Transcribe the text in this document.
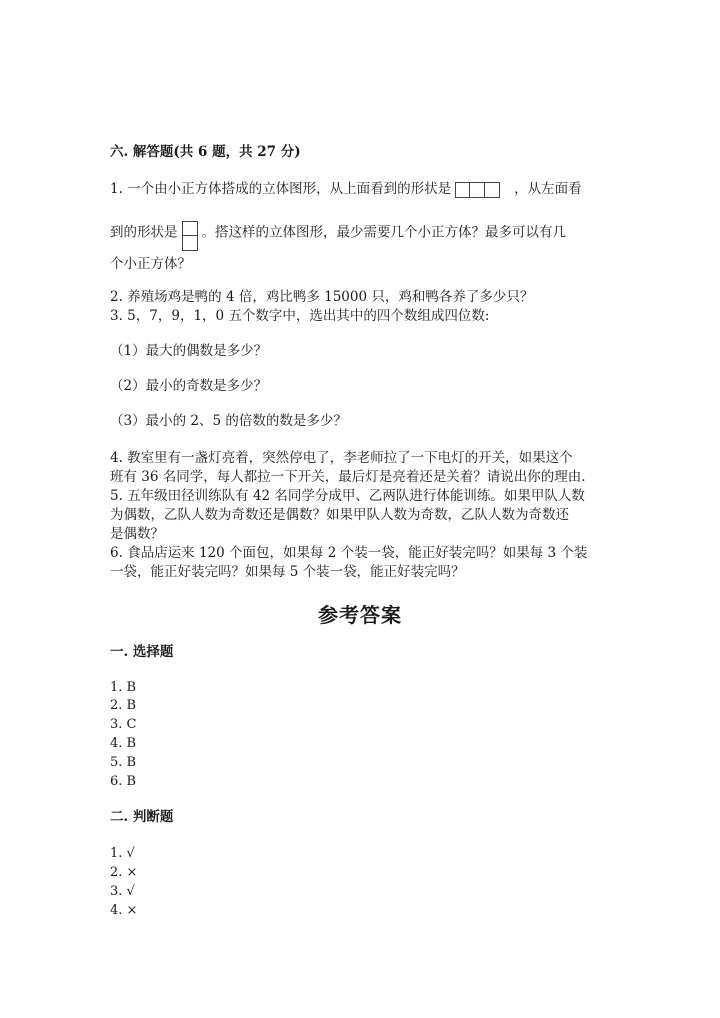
六. 解答题(共 6 题，共 27 分)
1. 一个由小正方体搭成的立体图形，从上面看到的形状是	，从左面看
到的形状是 。搭这样的立体图形，最少需要几个小正方体？最多可以有几
个小正方体？
2. 养殖场鸡是鸭的 4 倍，鸡比鸭多 15000 只，鸡和鸭各养了多少只？
3. 5，7，9，1，0 五个数字中，选出其中的四个数组成四位数:
（1）最大的偶数是多少？
（2）最小的奇数是多少？
（3）最小的 2、5 的倍数的数是多少？
4. 教室里有一盏灯亮着，突然停电了，李老师拉了一下电灯的开关，如果这个
班有 36 名同学，每人都拉一下开关，最后灯是亮着还是关着？请说出你的理由.
5. 五年级田径训练队有 42 名同学分成甲、乙两队进行体能训练。如果甲队人数
为偶数，乙队人数为奇数还是偶数？如果甲队人数为奇数，乙队人数为奇数还
是偶数？
6. 食品店运来 120 个面包，如果每 2 个装一袋，能正好装完吗？如果每 3 个装
一袋，能正好装完吗？如果每 5 个装一袋，能正好装完吗？
参考答案
一. 选择题
1. B
2. B
3. C
4. B
5. B
6. B
二. 判断题
1. √
2. ×
3. √
4. ×
